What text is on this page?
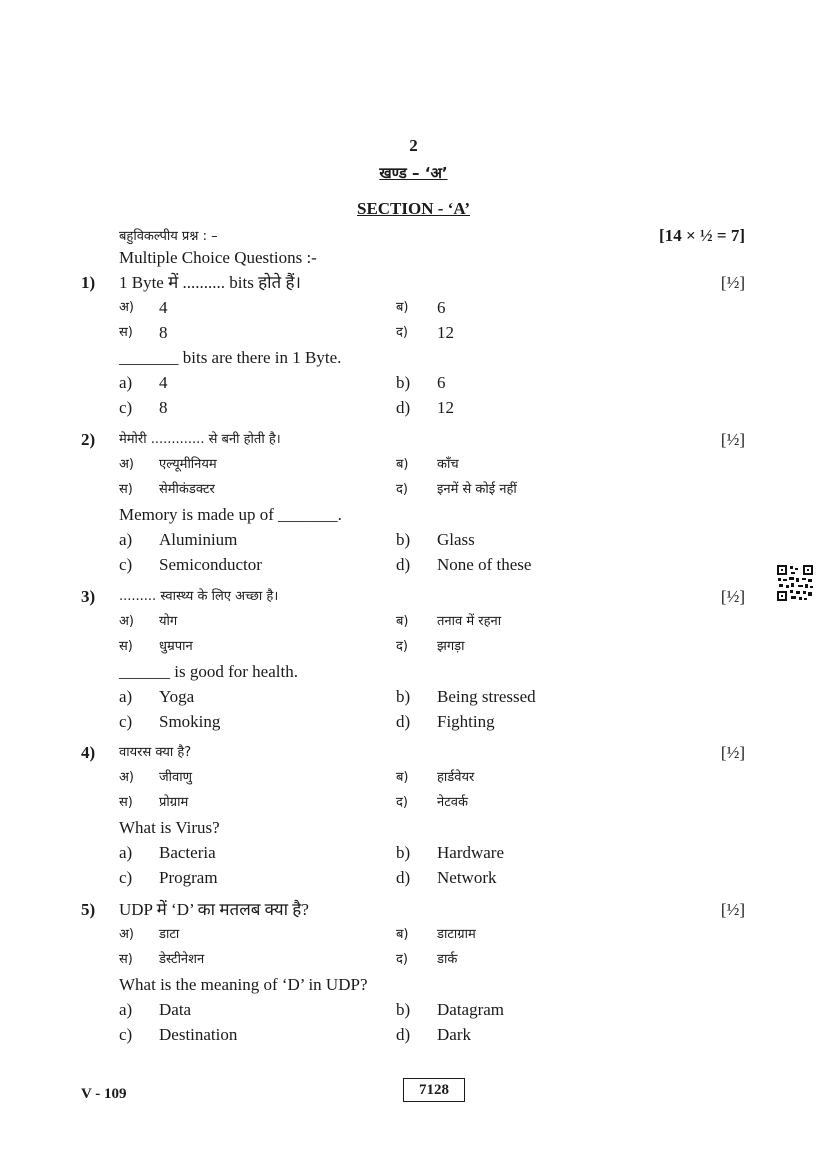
2
खण्ड – ‘अ’
SECTION - ‘A’
बहुविकल्पीय प्रश्न : –	[14 × ½ = 7]
Multiple Choice Questions :-
1) 1 Byte में .......... bits होते हैं।	[½]
अ)	4	ब)	6
स)	8	द)	12
_______ bits are there in 1 Byte.
a)	4	b)	6
c)	8	d)	12
2) मेमोरी ............. से बनी होती है।	[½]
अ)	एल्यूमीनियम	ब)	काँच
स)	सेमीकंडक्टर	द)	इनमें से कोई नहीं
Memory is made up of _______.
a)	Aluminium	b)	Glass
c)	Semiconductor	d)	None of these
3) ......... स्वास्थ्य के लिए अच्छा है।	[½]
अ)	योग	ब)	तनाव में रहना
स)	धुम्रपान	द)	झगड़ा
______ is good for health.
a)	Yoga	b)	Being stressed
c)	Smoking	d)	Fighting
4) वायरस क्या है?	[½]
अ)	जीवाणु	ब)	हार्डवेयर
स)	प्रोग्राम	द)	नेटवर्क
What is Virus?
a)	Bacteria	b)	Hardware
c)	Program	d)	Network
5) UDP में ‘D’ का मतलब क्या है?	[½]
अ)	डाटा	ब)	डाटाग्राम
स)	डेस्टीनेशन	द)	डार्क
What is the meaning of ‘D’ in UDP?
a)	Data	b)	Datagram
c)	Destination	d)	Dark
V - 109	7128
